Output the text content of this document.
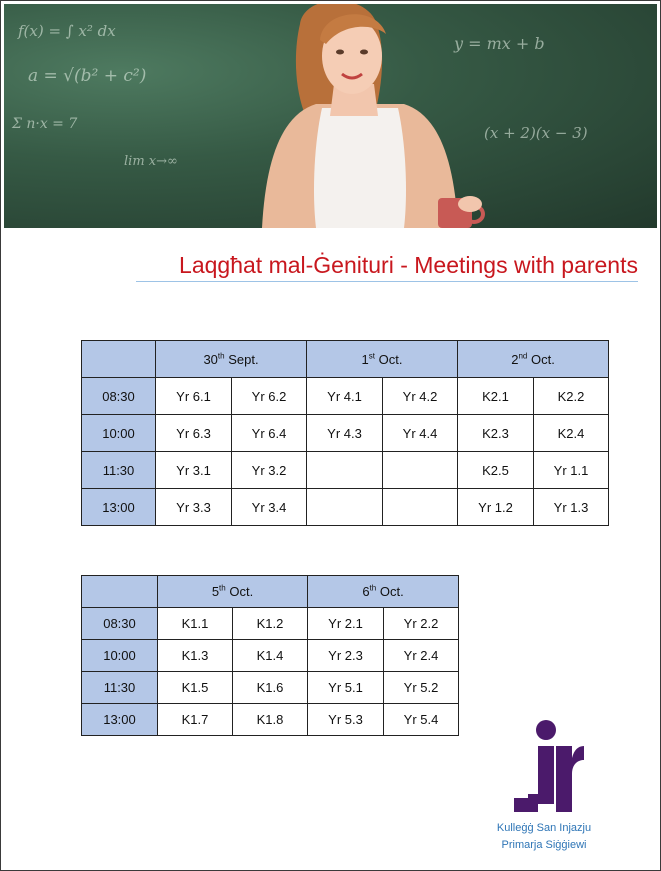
f(x) = ∫ x² dx
a = √(b² + c²)
Σ n·x = 7
lim x→∞
y = mx + b
(x + 2)(x − 3)
Laqgħat mal-Ġenituri - Meetings with parents
	30th Sept.		1st Oct.		2nd Oct.	
08:30	Yr 6.1	Yr 6.2	Yr 4.1	Yr 4.2	K2.1	K2.2
10:00	Yr 6.3	Yr 6.4	Yr 4.3	Yr 4.4	K2.3	K2.4
11:30	Yr 3.1	Yr 3.2			K2.5	Yr 1.1
13:00	Yr 3.3	Yr 3.4			Yr 1.2	Yr 1.3
	5th Oct.		6th Oct.	
08:30	K1.1	K1.2	Yr 2.1	Yr 2.2
10:00	K1.3	K1.4	Yr 2.3	Yr 2.4
11:30	K1.5	K1.6	Yr 5.1	Yr 5.2
13:00	K1.7	K1.8	Yr 5.3	Yr 5.4
Kulleġġ San Injazju
Primarja Siġġiewi
